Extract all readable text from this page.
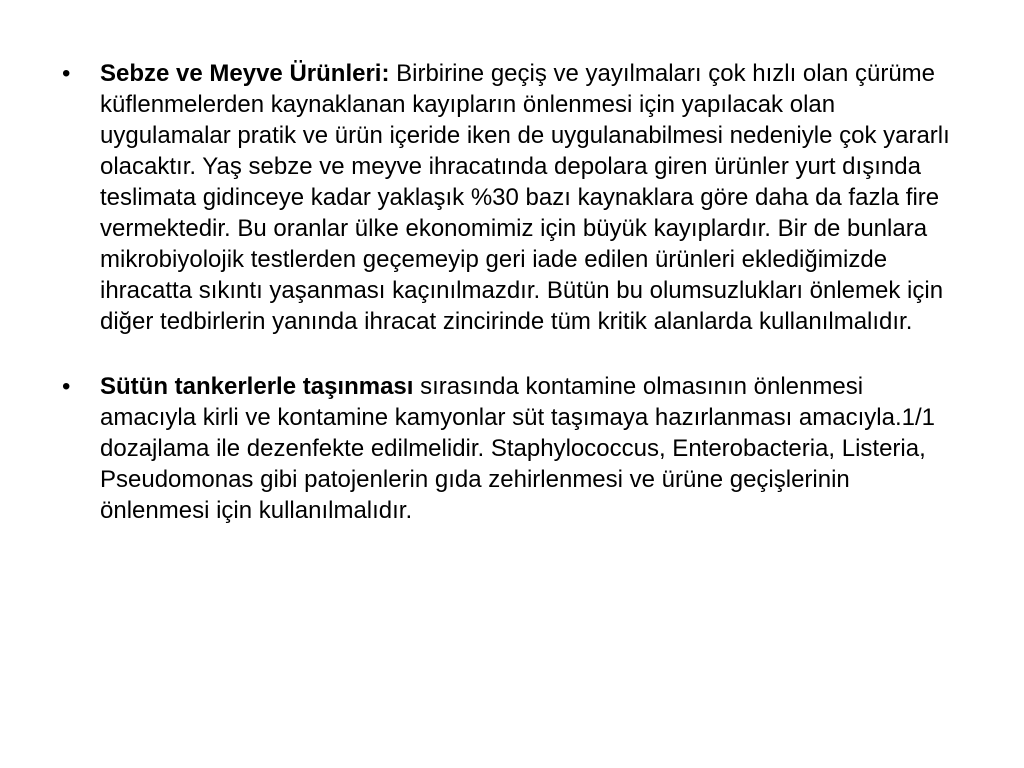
• Sebze ve Meyve Ürünleri: Birbirine geçiş ve yayılmaları çok hızlı olan çürüme küflenmelerden kaynaklanan kayıpların önlenmesi için yapılacak olan uygulamalar pratik ve ürün içeride iken de uygulanabilmesi nedeniyle çok yararlı olacaktır. Yaş sebze ve meyve ihracatında depolara giren ürünler yurt dışında teslimata gidinceye kadar yaklaşık %30 bazı kaynaklara göre daha da fazla fire vermektedir. Bu oranlar ülke ekonomimiz için büyük kayıplardır. Bir de bunlara mikrobiyolojik testlerden geçemeyip geri iade edilen ürünleri eklediğimizde ihracatta sıkıntı yaşanması kaçınılmazdır. Bütün bu olumsuzlukları önlemek için diğer tedbirlerin yanında ihracat zincirinde tüm kritik alanlarda kullanılmalıdır.
• Sütün tankerlerle taşınması sırasında kontamine olmasının önlenmesi amacıyla kirli ve kontamine kamyonlar süt taşımaya hazırlanması amacıyla.1/1 dozajlama ile dezenfekte edilmelidir. Staphylococcus, Enterobacteria, Listeria, Pseudomonas gibi patojenlerin gıda zehirlenmesi ve ürüne geçişlerinin önlenmesi için kullanılmalıdır.
